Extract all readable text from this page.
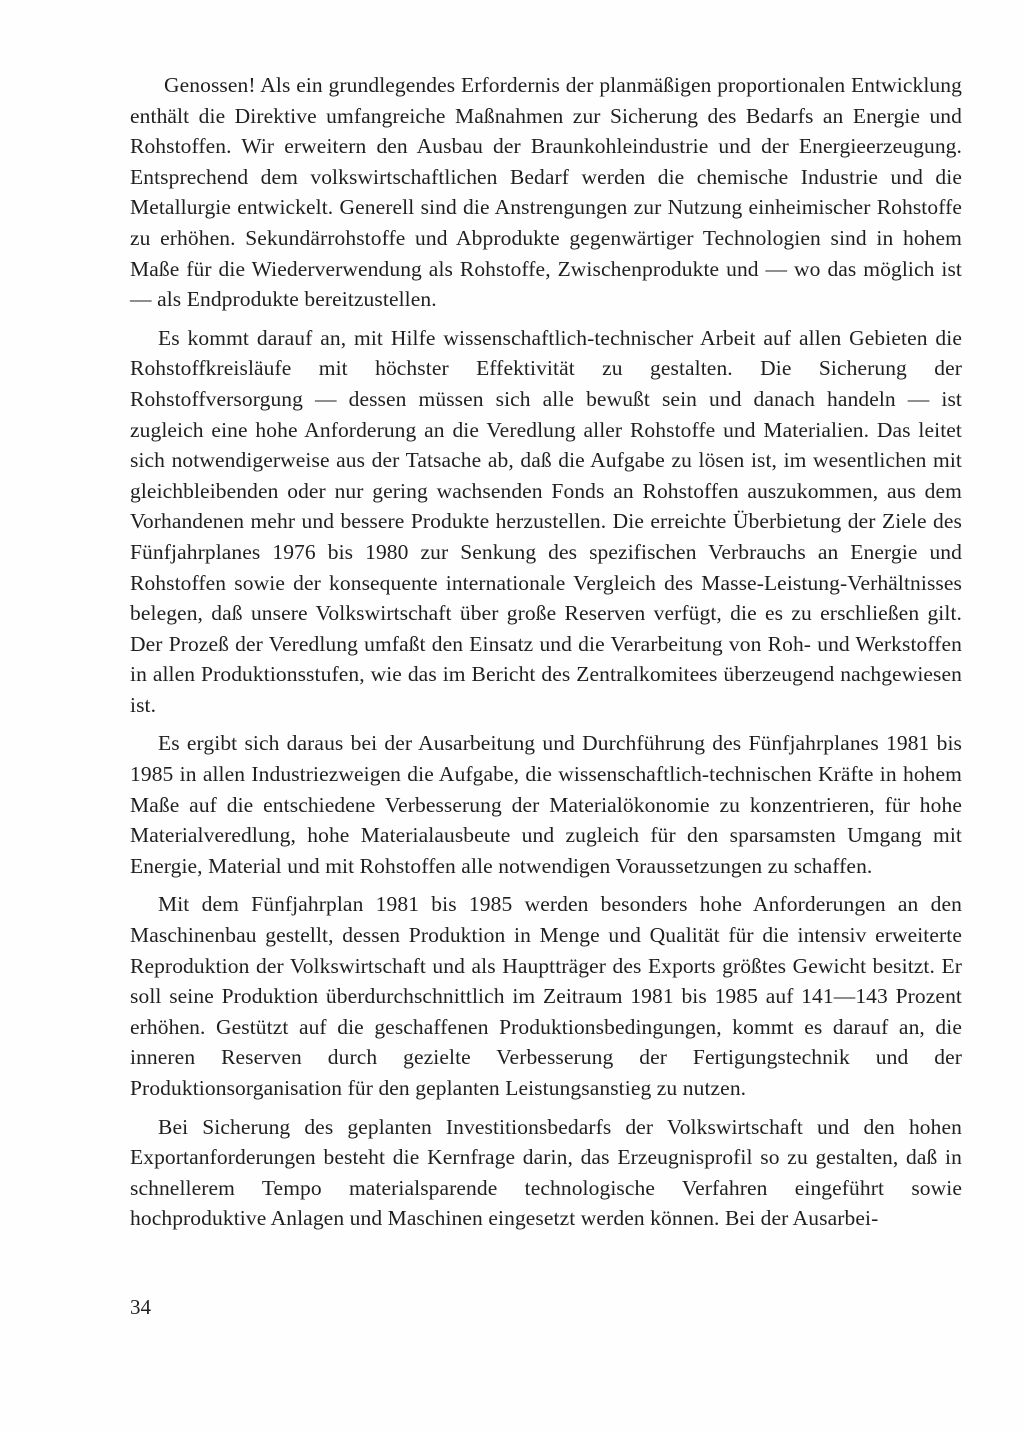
Genossen! Als ein grundlegendes Erfordernis der planmäßigen proportionalen Entwicklung enthält die Direktive umfangreiche Maßnahmen zur Sicherung des Bedarfs an Energie und Rohstoffen. Wir erweitern den Ausbau der Braunkohleindustrie und der Energieerzeugung. Entsprechend dem volkswirtschaftlichen Bedarf werden die chemische Industrie und die Metallurgie entwickelt. Generell sind die Anstrengungen zur Nutzung einheimischer Rohstoffe zu erhöhen. Sekundärrohstoffe und Abprodukte gegenwärtiger Technologien sind in hohem Maße für die Wiederverwendung als Rohstoffe, Zwischenprodukte und — wo das möglich ist — als Endprodukte bereitzustellen.

Es kommt darauf an, mit Hilfe wissenschaftlich-technischer Arbeit auf allen Gebieten die Rohstoffkreisläufe mit höchster Effektivität zu gestalten. Die Sicherung der Rohstoffversorgung — dessen müssen sich alle bewußt sein und danach handeln — ist zugleich eine hohe Anforderung an die Veredlung aller Rohstoffe und Materialien. Das leitet sich notwendigerweise aus der Tatsache ab, daß die Aufgabe zu lösen ist, im wesentlichen mit gleichbleibenden oder nur gering wachsenden Fonds an Rohstoffen auszukommen, aus dem Vorhandenen mehr und bessere Produkte herzustellen. Die erreichte Überbietung der Ziele des Fünfjahrplanes 1976 bis 1980 zur Senkung des spezifischen Verbrauchs an Energie und Rohstoffen sowie der konsequente internationale Vergleich des Masse-Leistung-Verhältnisses belegen, daß unsere Volkswirtschaft über große Reserven verfügt, die es zu erschließen gilt. Der Prozeß der Veredlung umfaßt den Einsatz und die Verarbeitung von Roh- und Werkstoffen in allen Produktionsstufen, wie das im Bericht des Zentralkomitees überzeugend nachgewiesen ist.

Es ergibt sich daraus bei der Ausarbeitung und Durchführung des Fünfjahrplanes 1981 bis 1985 in allen Industriezweigen die Aufgabe, die wissenschaftlich-technischen Kräfte in hohem Maße auf die entschiedene Verbesserung der Materialökonomie zu konzentrieren, für hohe Materialveredlung, hohe Materialausbeute und zugleich für den sparsamsten Umgang mit Energie, Material und mit Rohstoffen alle notwendigen Voraussetzungen zu schaffen.

Mit dem Fünfjahrplan 1981 bis 1985 werden besonders hohe Anforderungen an den Maschinenbau gestellt, dessen Produktion in Menge und Qualität für die intensiv erweiterte Reproduktion der Volkswirtschaft und als Hauptträger des Exports größtes Gewicht besitzt. Er soll seine Produktion überdurchschnittlich im Zeitraum 1981 bis 1985 auf 141—143 Prozent erhöhen. Gestützt auf die geschaffenen Produktionsbedingungen, kommt es darauf an, die inneren Reserven durch gezielte Verbesserung der Fertigungstechnik und der Produktionsorganisation für den geplanten Leistungsanstieg zu nutzen.

Bei Sicherung des geplanten Investitionsbedarfs der Volkswirtschaft und den hohen Exportanforderungen besteht die Kernfrage darin, das Erzeugnisprofil so zu gestalten, daß in schnellerem Tempo materialsparende technologische Verfahren eingeführt sowie hochproduktive Anlagen und Maschinen eingesetzt werden können. Bei der Ausarbei-

34
